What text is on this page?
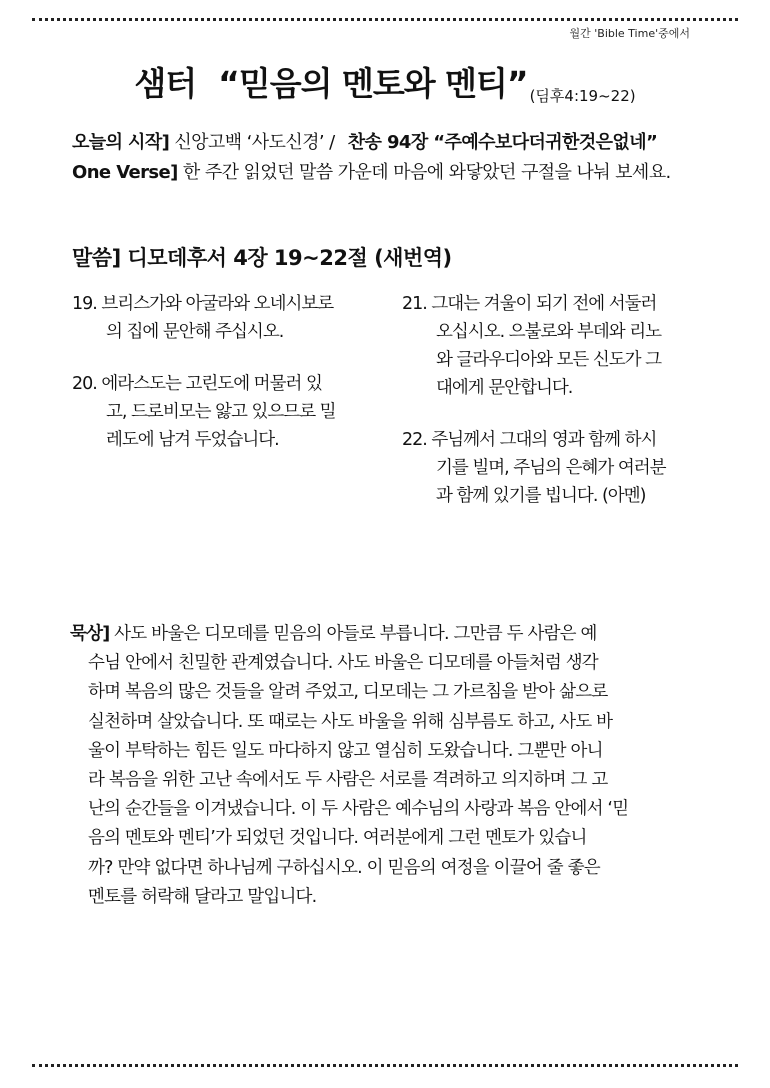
월간 'Bible Time'중에서
샘터 “믿음의 멘토와 멘티” (딤후4:19~22)
오늘의 시작] 신앙고백 ‘사도신경’ / 찬송 94장 “주예수보다더귀한것은없네”
One Verse] 한 주간 읽었던 말씀 가운데 마음에 와닿았던 구절을 나눠 보세요.
말씀] 디모데후서 4장 19~22절 (새번역)
19. 브리스가와 아굴라와 오네시보로
의 집에 문안해 주십시오.
20. 에라스도는 고린도에 머물러 있
고, 드로비모는 앓고 있으므로 밀
레도에 남겨 두었습니다.
21. 그대는 겨울이 되기 전에 서둘러
오십시오. 으불로와 부데와 리노
와 글라우디아와 모든 신도가 그
대에게 문안합니다.
22. 주님께서 그대의 영과 함께 하시
기를 빌며, 주님의 은혜가 여러분
과 함께 있기를 빕니다. (아멘)
묵상] 사도 바울은 디모데를 믿음의 아들로 부릅니다. 그만큼 두 사람은 예
수님 안에서 친밀한 관계였습니다. 사도 바울은 디모데를 아들처럼 생각
하며 복음의 많은 것들을 알려 주었고, 디모데는 그 가르침을 받아 삶으로
실천하며 살았습니다. 또 때로는 사도 바울을 위해 심부름도 하고, 사도 바
울이 부탁하는 힘든 일도 마다하지 않고 열심히 도왔습니다. 그뿐만 아니
라 복음을 위한 고난 속에서도 두 사람은 서로를 격려하고 의지하며 그 고
난의 순간들을 이겨냈습니다. 이 두 사람은 예수님의 사랑과 복음 안에서 ‘믿
음의 멘토와 멘티’가 되었던 것입니다. 여러분에게 그런 멘토가 있습니
까? 만약 없다면 하나님께 구하십시오. 이 믿음의 여정을 이끌어 줄 좋은
멘토를 허락해 달라고 말입니다.
